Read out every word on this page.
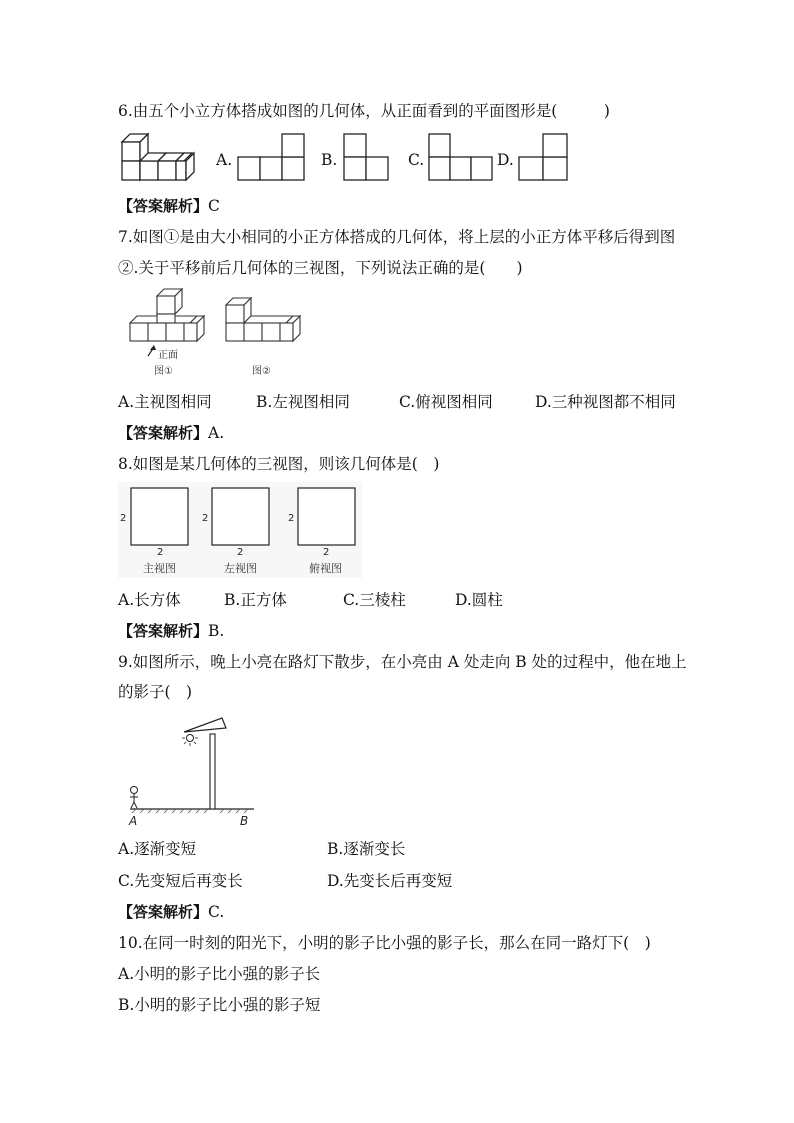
6.由五个小立方体搭成如图的几何体，从正面看到的平面图形是(　　　)
A.	B.	C.	D.
【答案解析】C
7.如图①是由大小相同的小正方体搭成的几何体，将上层的小正方体平移后得到图
②.关于平移前后几何体的三视图，下列说法正确的是(　　)
正面
图①	图②
A.主视图相同	B.左视图相同	C.俯视图相同	D.三种视图都不相同
【答案解析】A.
8.如图是某几何体的三视图，则该几何体是(　)
2
2
主视图
2
2
左视图
2
2
俯视图
A.长方体	B.正方体	C.三棱柱	D.圆柱
【答案解析】B.
9.如图所示，晚上小亮在路灯下散步，在小亮由 A 处走向 B 处的过程中，他在地上
的影子(　)
A	B
A.逐渐变短	B.逐渐变长
C.先变短后再变长	D.先变长后再变短
【答案解析】C.
10.在同一时刻的阳光下，小明的影子比小强的影子长，那么在同一路灯下(　)
A.小明的影子比小强的影子长
B.小明的影子比小强的影子短
